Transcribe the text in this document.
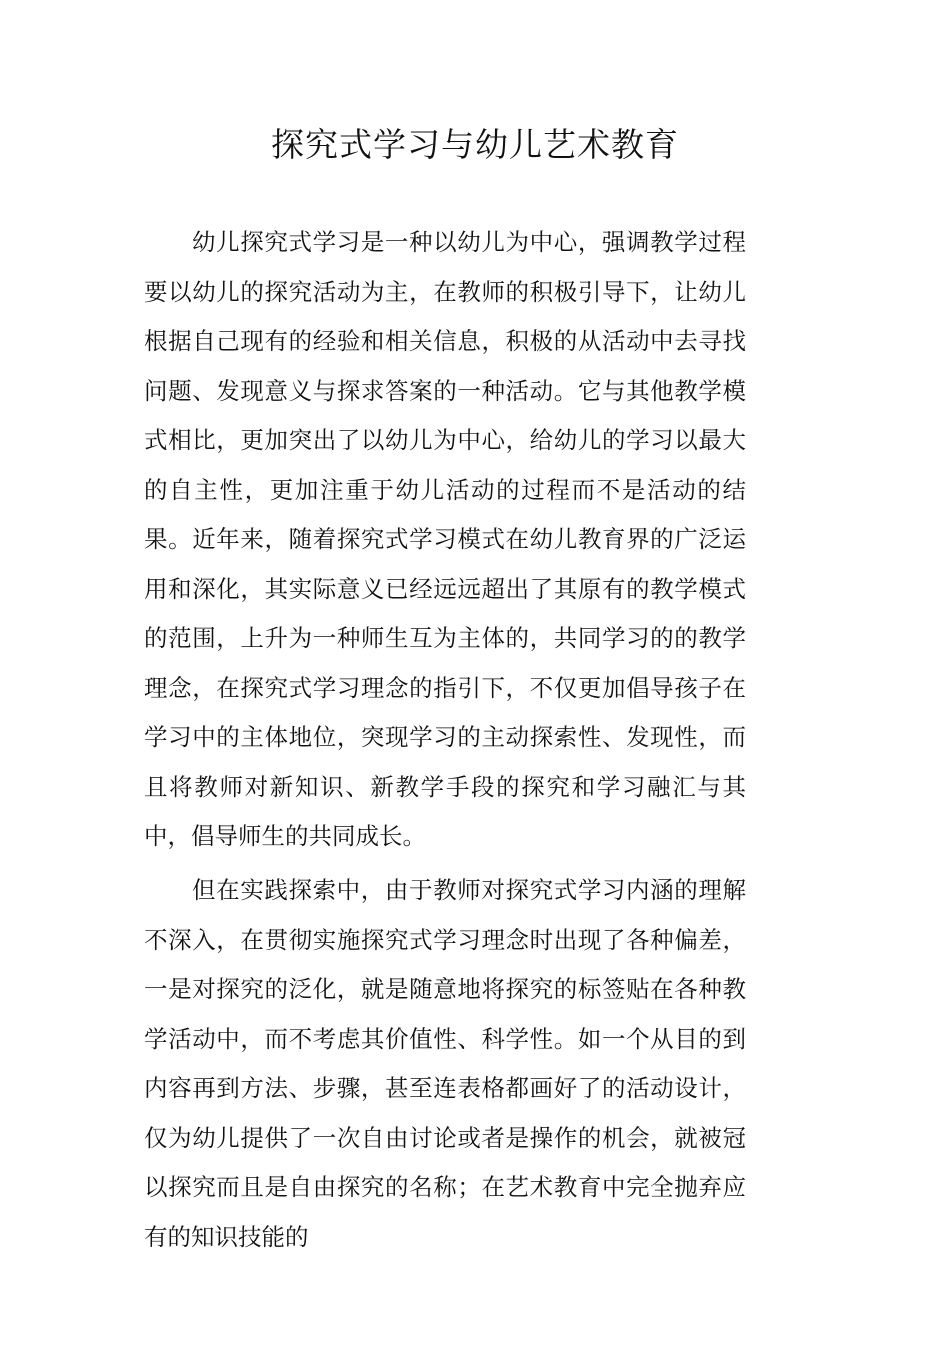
探究式学习与幼儿艺术教育

幼儿探究式学习是一种以幼儿为中心，强调教学过程要以幼儿的探究活动为主，在教师的积极引导下，让幼儿根据自己现有的经验和相关信息，积极的从活动中去寻找问题、发现意义与探求答案的一种活动。它与其他教学模式相比，更加突出了以幼儿为中心，给幼儿的学习以最大的自主性，更加注重于幼儿活动的过程而不是活动的结果。近年来，随着探究式学习模式在幼儿教育界的广泛运用和深化，其实际意义已经远远超出了其原有的教学模式的范围，上升为一种师生互为主体的，共同学习的的教学理念，在探究式学习理念的指引下，不仅更加倡导孩子在学习中的主体地位，突现学习的主动探索性、发现性，而且将教师对新知识、新教学手段的探究和学习融汇与其中，倡导师生的共同成长。

但在实践探索中，由于教师对探究式学习内涵的理解不深入，在贯彻实施探究式学习理念时出现了各种偏差，一是对探究的泛化，就是随意地将探究的标签贴在各种教学活动中，而不考虑其价值性、科学性。如一个从目的到内容再到方法、步骤，甚至连表格都画好了的活动设计，仅为幼儿提供了一次自由讨论或者是操作的机会，就被冠以探究而且是自由探究的名称；在艺术教育中完全抛弃应有的知识技能的
